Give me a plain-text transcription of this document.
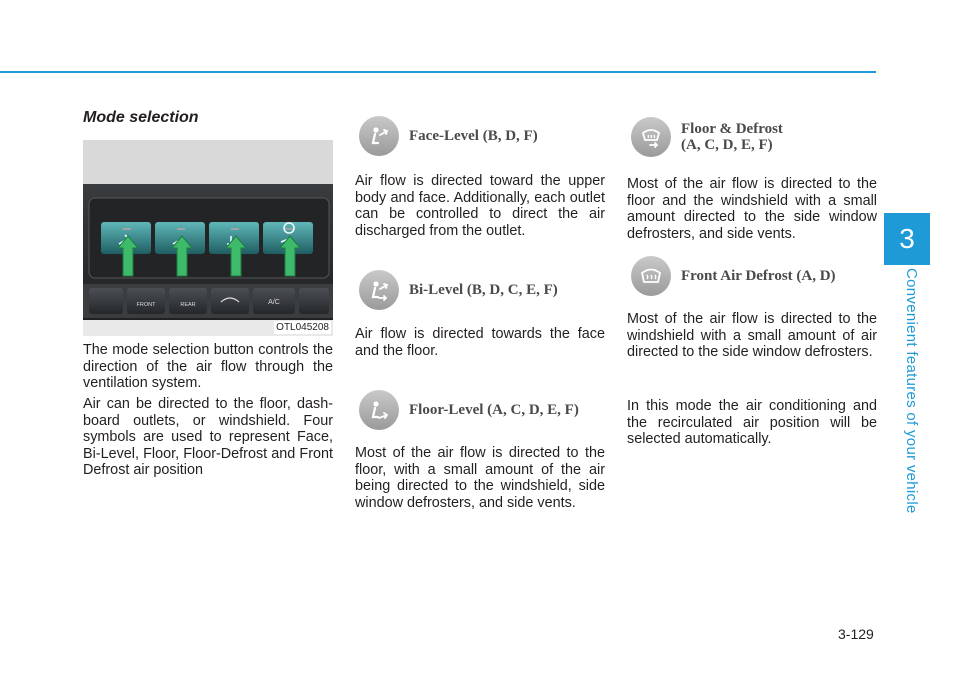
3
Convenient features of your vehicle
Mode selection
FRONT	REAR	A/C
OTL045208

The mode selection button controls the direction of the air flow through the ventilation system.

Air can be directed to the floor, dash-board outlets, or windshield. Four symbols are used to represent Face, Bi-Level, Floor, Floor-Defrost and Front Defrost air position

Face-Level (B, D, F)

Air flow is directed toward the upper body and face. Additionally, each outlet can be controlled to direct the air discharged from the outlet.

Bi-Level (B, D, C, E, F)

Air flow is directed towards the face and the floor.

Floor-Level (A, C, D, E, F)

Most of the air flow is directed to the floor, with a small amount of the air being directed to the windshield, side window defrosters, and side vents.

Floor & Defrost
(A, C, D, E, F)

Most of the air flow is directed to the floor and the windshield with a small amount directed to the side window defrosters, and side vents.

Front Air Defrost (A, D)

Most of the air flow is directed to the windshield with a small amount of air directed to the side window defrosters.

In this mode the air conditioning and the recirculated air position will be selected automatically.

3-129
